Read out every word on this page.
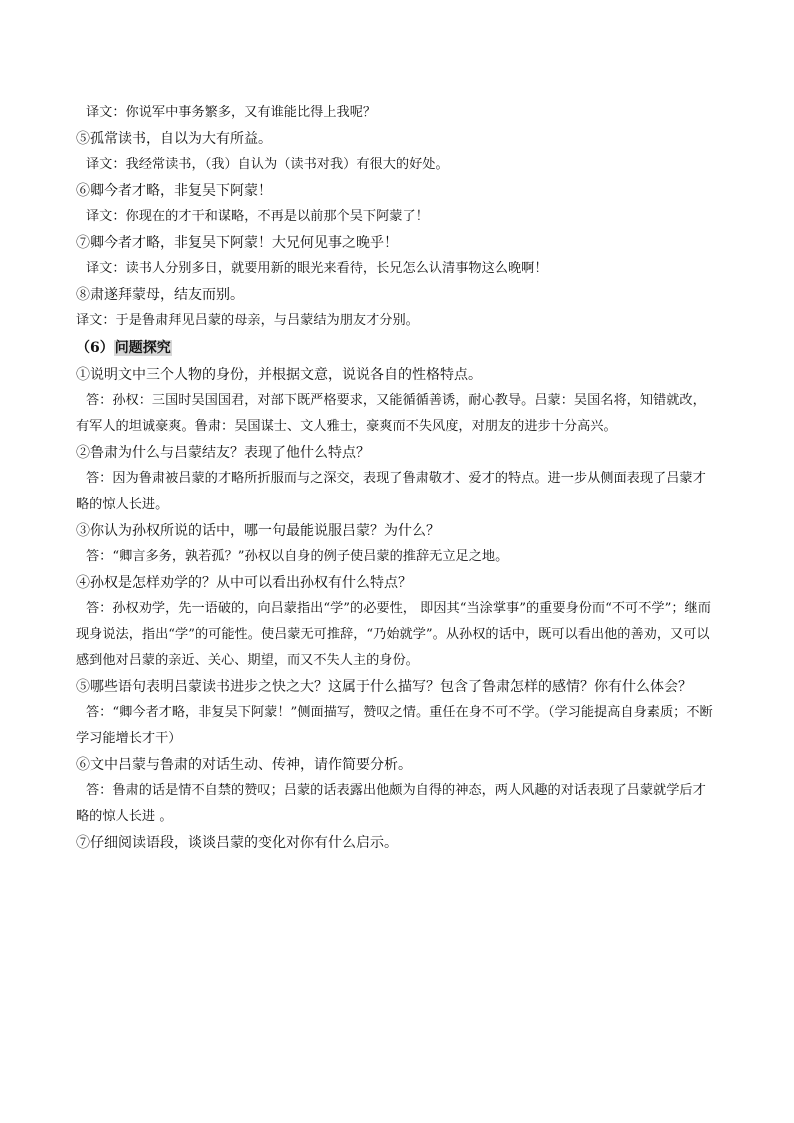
译文：你说军中事务繁多，又有谁能比得上我呢？

⑤孤常读书，自以为大有所益。

译文：我经常读书，（我）自认为（读书对我）有很大的好处。

⑥卿今者才略，非复吴下阿蒙！

译文：你现在的才干和谋略，不再是以前那个吴下阿蒙了！

⑦卿今者才略，非复吴下阿蒙！大兄何见事之晚乎！

译文：读书人分别多日，就要用新的眼光来看待，长兄怎么认清事物这么晚啊！

⑧肃遂拜蒙母，结友而别。

译文：于是鲁肃拜见吕蒙的母亲，与吕蒙结为朋友才分别。

（6）问题探究

①说明文中三个人物的身份，并根据文意，说说各自的性格特点。

答：孙权：三国时吴国国君，对部下既严格要求，又能循循善诱，耐心教导。吕蒙：吴国名将，知错就改，有军人的坦诚豪爽。鲁肃：吴国谋士、文人雅士，豪爽而不失风度，对朋友的进步十分高兴。

②鲁肃为什么与吕蒙结友？表现了他什么特点？

答：因为鲁肃被吕蒙的才略所折服而与之深交，表现了鲁肃敬才、爱才的特点。进一步从侧面表现了吕蒙才略的惊人长进。

③你认为孙权所说的话中，哪一句最能说服吕蒙？为什么？

答：“卿言多务，孰若孤？”孙权以自身的例子使吕蒙的推辞无立足之地。

④孙权是怎样劝学的？从中可以看出孙权有什么特点？

答：孙权劝学，先一语破的，向吕蒙指出“学”的必要性， 即因其“当涂掌事”的重要身份而“不可不学”；继而现身说法，指出“学”的可能性。使吕蒙无可推辞，“乃始就学”。从孙权的话中，既可以看出他的善劝，又可以感到他对吕蒙的亲近、关心、期望，而又不失人主的身份。

⑤哪些语句表明吕蒙读书进步之快之大？这属于什么描写？包含了鲁肃怎样的感情？你有什么体会？

答：“卿今者才略，非复吴下阿蒙！”侧面描写，赞叹之情。重任在身不可不学。（学习能提高自身素质；不断学习能增长才干）

⑥文中吕蒙与鲁肃的对话生动、传神，请作简要分析。

答：鲁肃的话是情不自禁的赞叹；吕蒙的话表露出他颇为自得的神态，两人风趣的对话表现了吕蒙就学后才略的惊人长进 。

⑦仔细阅读语段，谈谈吕蒙的变化对你有什么启示。
